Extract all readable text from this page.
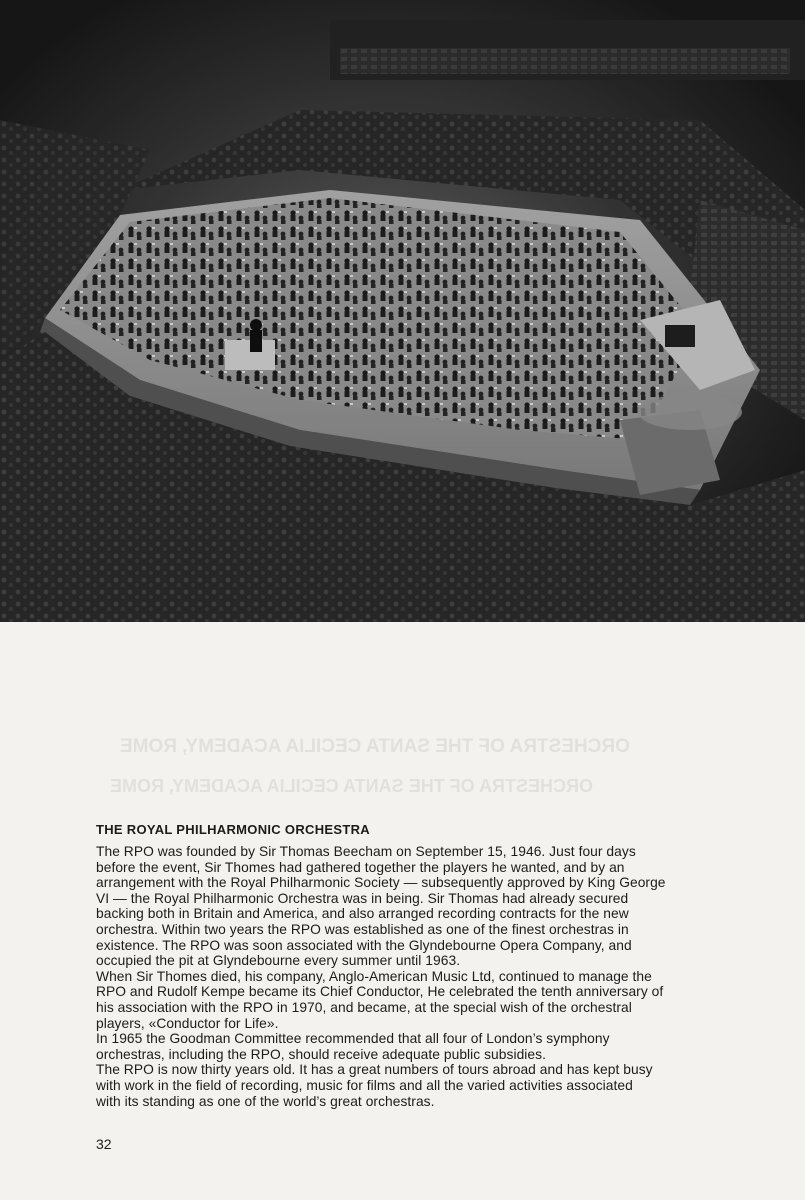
ORCHESTRA OF THE SANTA CECILIA ACADEMY, ROME
ORCHESTRA OF THE SANTA CECILIA ACADEMY, ROME
THE ROYAL PHILHARMONIC ORCHESTRA

The RPO was founded by Sir Thomas Beecham on September 15, 1946. Just four days
before the event, Sir Thomes had gathered together the players he wanted, and by an
arrangement with the Royal Philharmonic Society — subsequently approved by King George
VI — the Royal Philharmonic Orchestra was in being. Sir Thomas had already secured
backing both in Britain and America, and also arranged recording contracts for the new
orchestra. Within two years the RPO was established as one of the finest orchestras in
existence. The RPO was soon associated with the Glyndebourne Opera Company, and
occupied the pit at Glyndebourne every summer until 1963.

When Sir Thomes died, his company, Anglo-American Music Ltd, continued to manage the
RPO and Rudolf Kempe became its Chief Conductor, He celebrated the tenth anniversary of
his association with the RPO in 1970, and became, at the special wish of the orchestral
players, «Conductor for Life».

In 1965 the Goodman Committee recommended that all four of London’s symphony
orchestras, including the RPO, should receive adequate public subsidies.

The RPO is now thirty years old. It has a great numbers of tours abroad and has kept busy
with work in the field of recording, music for films and all the varied activities associated
with its standing as one of the world’s great orchestras.

32
